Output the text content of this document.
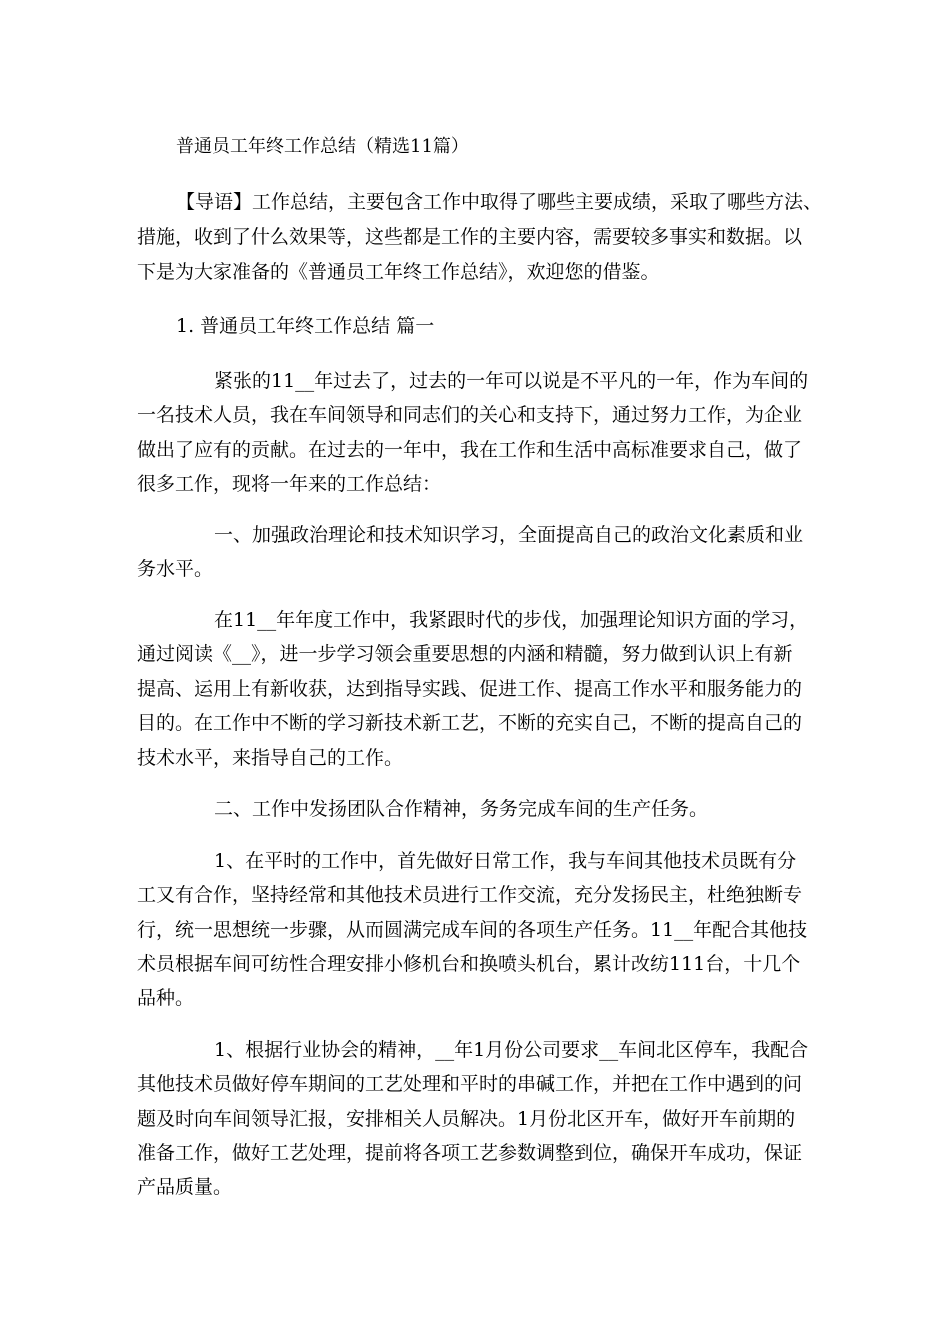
普通员工年终工作总结（精选11篇）

【导语】工作总结，主要包含工作中取得了哪些主要成绩，采取了哪些方法、

措施，收到了什么效果等，这些都是工作的主要内容，需要较多事实和数据。以

下是为大家准备的《普通员工年终工作总结》，欢迎您的借鉴。

1. 普通员工年终工作总结 篇一

紧张的11__年过去了，过去的一年可以说是不平凡的一年，作为车间的

一名技术人员，我在车间领导和同志们的关心和支持下，通过努力工作，为企业

做出了应有的贡献。在过去的一年中，我在工作和生活中高标准要求自己，做了

很多工作，现将一年来的工作总结：

一、加强政治理论和技术知识学习，全面提高自己的政治文化素质和业

务水平。

在11__年年度工作中，我紧跟时代的步伐，加强理论知识方面的学习，

通过阅读《__》，进一步学习领会重要思想的内涵和精髓，努力做到认识上有新

提高、运用上有新收获，达到指导实践、促进工作、提高工作水平和服务能力的

目的。在工作中不断的学习新技术新工艺，不断的充实自己，不断的提高自己的

技术水平，来指导自己的工作。

二、工作中发扬团队合作精神，务务完成车间的生产任务。

1、在平时的工作中，首先做好日常工作，我与车间其他技术员既有分

工又有合作，坚持经常和其他技术员进行工作交流，充分发扬民主，杜绝独断专

行，统一思想统一步骤，从而圆满完成车间的各项生产任务。11__年配合其他技

术员根据车间可纺性合理安排小修机台和换喷头机台，累计改纺111台，十几个

品种。

1、根据行业协会的精神，__年1月份公司要求__车间北区停车，我配合

其他技术员做好停车期间的工艺处理和平时的串碱工作，并把在工作中遇到的问

题及时向车间领导汇报，安排相关人员解决。1月份北区开车，做好开车前期的

准备工作，做好工艺处理，提前将各项工艺参数调整到位，确保开车成功，保证

产品质量。
